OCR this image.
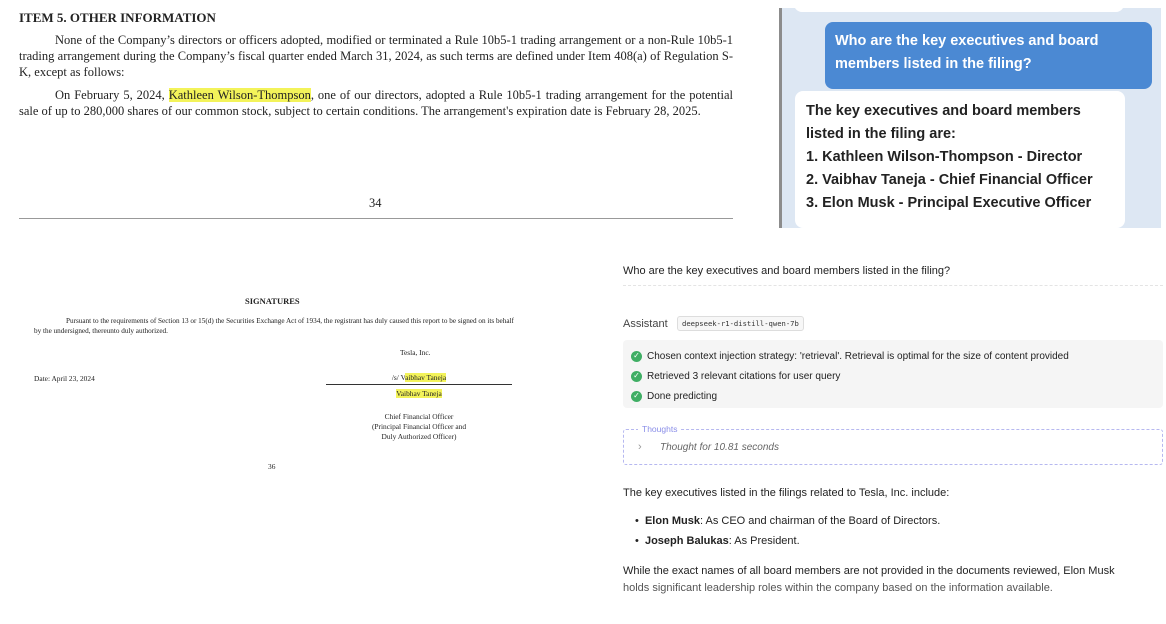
ITEM 5. OTHER INFORMATION

None of the Company’s directors or officers adopted, modified or terminated a Rule 10b5-1 trading arrangement or a non-Rule 10b5-1 trading arrangement during the Company’s fiscal quarter ended March 31, 2024, as such terms are defined under Item 408(a) of Regulation S-K, except as follows:

On February 5, 2024, Kathleen Wilson-Thompson, one of our directors, adopted a Rule 10b5-1 trading arrangement for the potential sale of up to 280,000 shares of our common stock, subject to certain conditions. The arrangement's expiration date is February 28, 2025.

34
Who are the key executives and board members listed in the filing?
The key executives and board members
listed in the filing are:
1. Kathleen Wilson-Thompson - Director
2. Vaibhav Taneja - Chief Financial Officer
3. Elon Musk - Principal Executive Officer
SIGNATURES
Pursuant to the requirements of Section 13 or 15(d) the Securities Exchange Act of 1934, the registrant has duly caused this report to be signed on its behalf by the undersigned, thereunto duly authorized.
Tesla, Inc.
Date: April 23, 2024	/s/ Vaibhav Taneja
Vaibhav Taneja
Chief Financial Officer
(Principal Financial Officer and
Duly Authorized Officer)
36
Who are the key executives and board members listed in the filing?
Assistant	deepseek-r1-distill-qwen-7b
✓ Chosen context injection strategy: 'retrieval'. Retrieval is optimal for the size of content provided
✓ Retrieved 3 relevant citations for user query
✓ Done predicting
Thoughts
› Thought for 10.81 seconds
The key executives listed in the filings related to Tesla, Inc. include:
•  Elon Musk: As CEO and chairman of the Board of Directors.
•  Joseph Balukas: As President.
While the exact names of all board members are not provided in the documents reviewed, Elon Musk
holds significant leadership roles within the company based on the information available.
